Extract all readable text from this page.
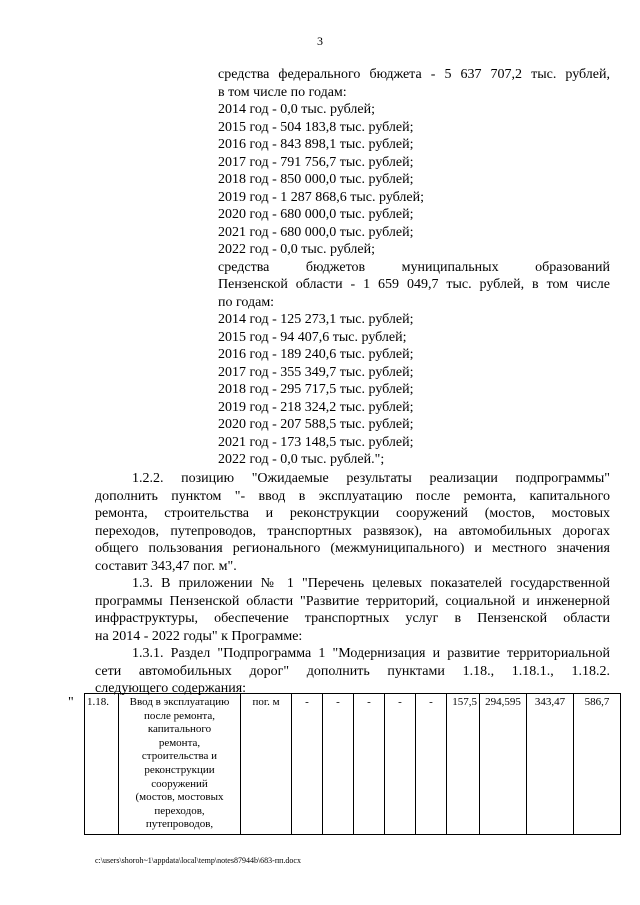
3
средства федерального бюджета - 5 637 707,2 тыс. рублей,
в том числе по годам:
2014 год - 0,0 тыс. рублей;
2015 год - 504 183,8 тыс. рублей;
2016 год - 843 898,1 тыс. рублей;
2017 год - 791 756,7 тыс. рублей;
2018 год - 850 000,0 тыс. рублей;
2019 год - 1 287 868,6 тыс. рублей;
2020 год - 680 000,0 тыс. рублей;
2021 год - 680 000,0 тыс. рублей;
2022 год - 0,0 тыс. рублей;
средства бюджетов муниципальных образований
Пензенской области - 1 659 049,7 тыс. рублей, в том числе
по годам:
2014 год - 125 273,1 тыс. рублей;
2015 год - 94 407,6 тыс. рублей;
2016 год - 189 240,6 тыс. рублей;
2017 год - 355 349,7 тыс. рублей;
2018 год - 295 717,5 тыс. рублей;
2019 год - 218 324,2 тыс. рублей;
2020 год - 207 588,5 тыс. рублей;
2021 год - 173 148,5 тыс. рублей;
2022 год - 0,0 тыс. рублей.";
1.2.2. позицию "Ожидаемые результаты реализации подпрограммы"
дополнить пунктом "- ввод в эксплуатацию после ремонта, капитального
ремонта, строительства и реконструкции сооружений (мостов, мостовых
переходов, путепроводов, транспортных развязок), на автомобильных дорогах
общего пользования регионального (межмуниципального) и местного значения
составит 343,47 пог. м".
1.3. В приложении № 1 "Перечень целевых показателей государственной
программы Пензенской области "Развитие территорий, социальной и инженерной
инфраструктуры, обеспечение транспортных услуг в Пензенской области
на 2014 - 2022 годы" к Программе:
1.3.1. Раздел "Подпрограмма 1 "Модернизация и развитие территориальной
сети автомобильных дорог" дополнить пунктами 1.18., 1.18.1., 1.18.2.
следующего содержания:
" 1.18.	Ввод в эксплуатацию
после ремонта,
капитального
ремонта,
строительства и
реконструкции
сооружений
(мостов, мостовых
переходов,
путепроводов,
	пог. м	-	-	-	-	-	157,5	294,595	343,47	586,7
c:\users\shoroh~1\appdata\local\temp\notes87944b\683-пп.docx
